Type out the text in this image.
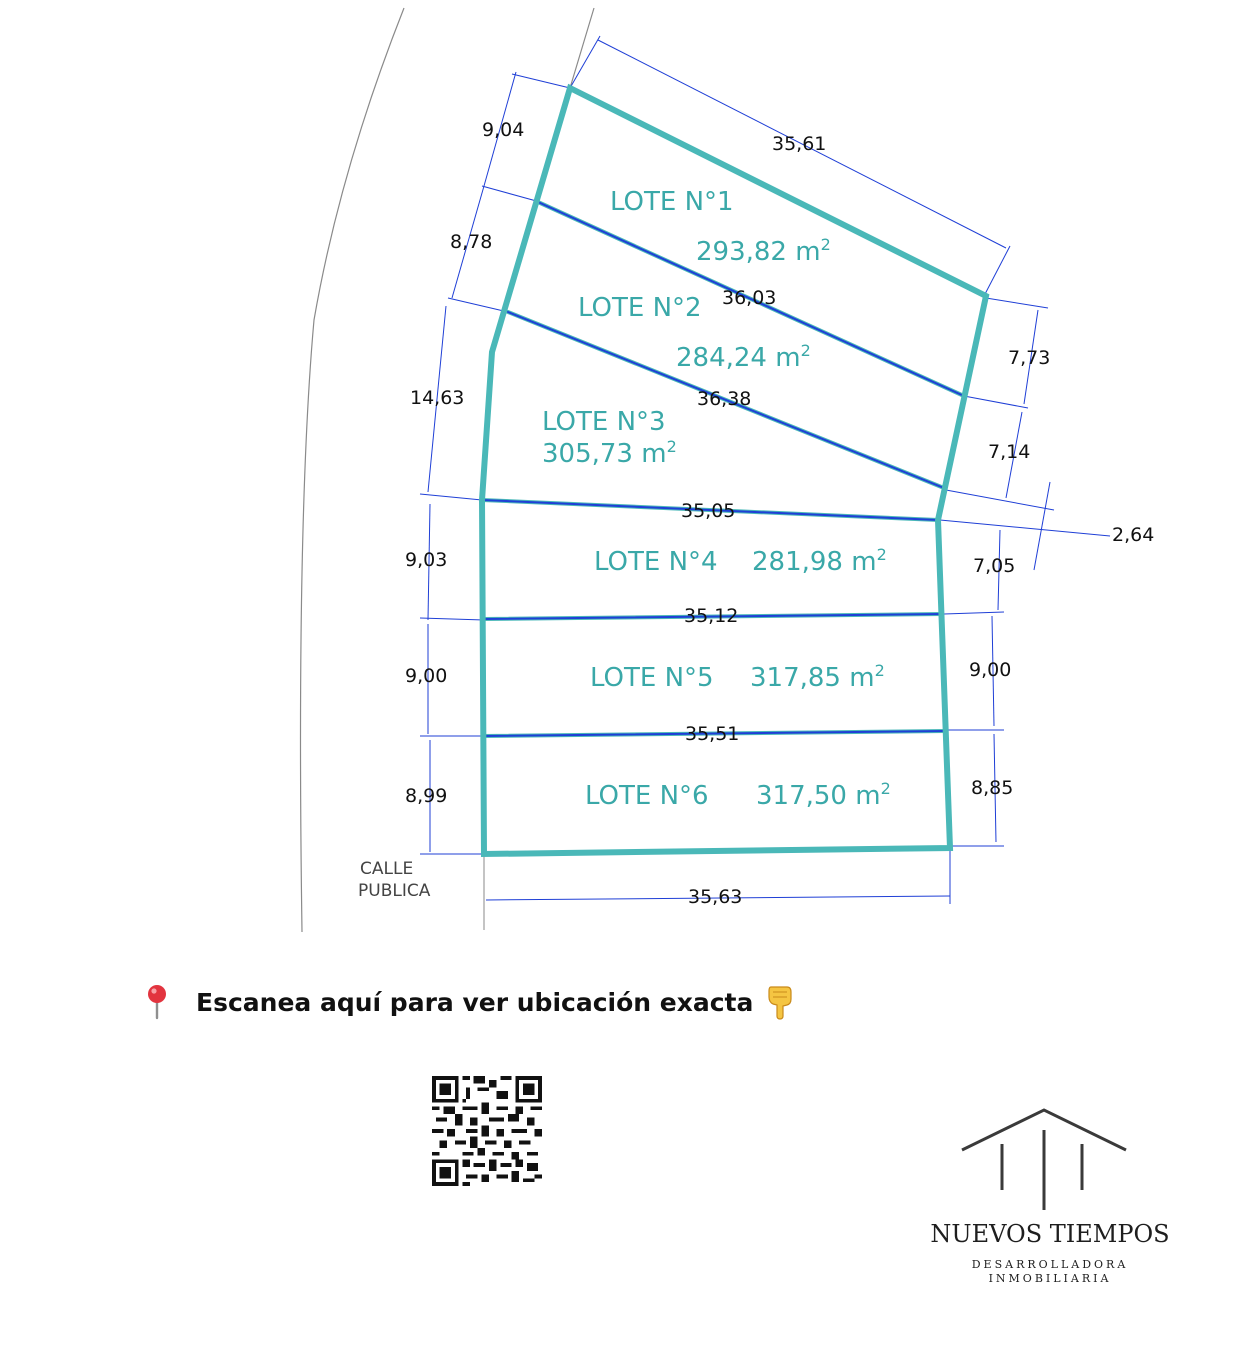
LOTE N°1
293,82 $m^2$
LOTE N°2
284,24 $m^2$
LOTE N°3
305,73 $m^2$
LOTE N°4 281,98 $m^2$
LOTE N°5 317,85 $m^2$
LOTE N°6 317,50 $m^2$
35,61
9,04
8,78
14,63
9,03
9,00
8,99
7,73
7,14
2,64
7,05
9,00
8,85
36,03
36,38
35,05
35,12
35,51
35,63
CALLE
PUBLICA
Escanea aquí para ver ubicación exacta
NUEVOS TIEMPOS
DESARROLLADORA
INMOBILIARIA
